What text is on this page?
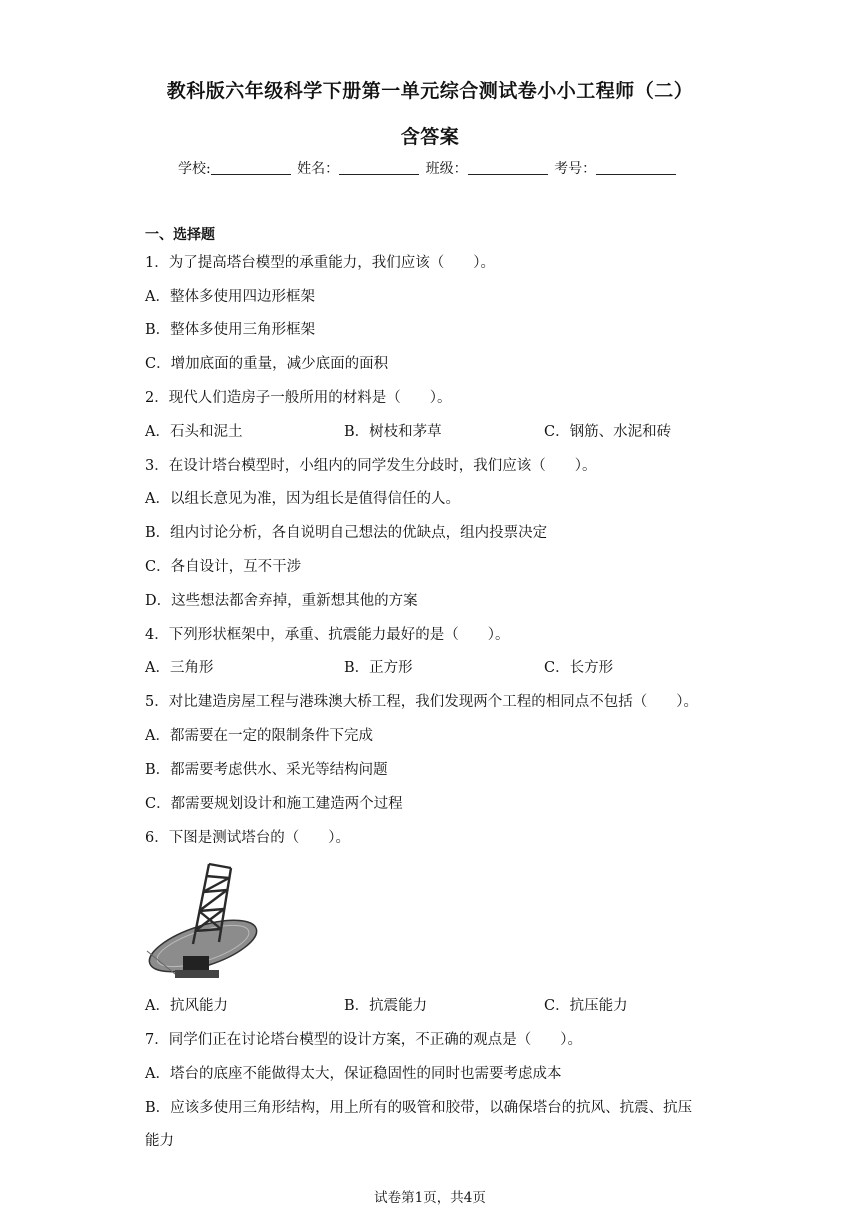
教科版六年级科学下册第一单元综合测试卷小小工程师（二）
含答案
学校:	姓名：	班级：	考号：
一、选择题
1．为了提高塔台模型的承重能力，我们应该（　　）。
A．整体多使用四边形框架
B．整体多使用三角形框架
C．增加底面的重量，减少底面的面积
2．现代人们造房子一般所用的材料是（　　）。
A．石头和泥土	B．树枝和茅草	C．钢筋、水泥和砖
3．在设计塔台模型时，小组内的同学发生分歧时，我们应该（　　）。
A．以组长意见为准，因为组长是值得信任的人。
B．组内讨论分析，各自说明自己想法的优缺点，组内投票决定
C．各自设计，互不干涉
D．这些想法都舍弃掉，重新想其他的方案
4．下列形状框架中，承重、抗震能力最好的是（　　）。
A．三角形	B．正方形	C．长方形
5．对比建造房屋工程与港珠澳大桥工程，我们发现两个工程的相同点不包括（　　）。
A．都需要在一定的限制条件下完成
B．都需要考虑供水、采光等结构问题
C．都需要规划设计和施工建造两个过程
6．下图是测试塔台的（　　）。
A．抗风能力	B．抗震能力	C．抗压能力
7．同学们正在讨论塔台模型的设计方案，不正确的观点是（　　）。
A．塔台的底座不能做得太大，保证稳固性的同时也需要考虑成本
B．应该多使用三角形结构，用上所有的吸管和胶带，以确保塔台的抗风、抗震、抗压
能力
试卷第1页，共4页
